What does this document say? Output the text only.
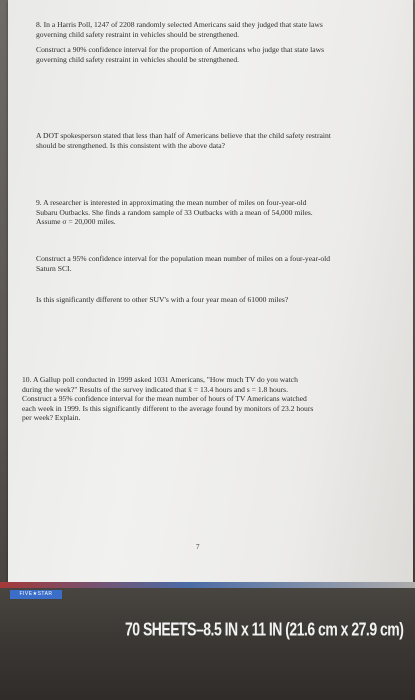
8. In a Harris Poll, 1247 of 2208 randomly selected Americans said they judged that state laws
governing child safety restraint in vehicles should be strengthened.
Construct a 90% confidence interval for the proportion of Americans who judge that state laws
governing child safety restraint in vehicles should be strengthened.
A DOT spokesperson stated that less than half of Americans believe that the child safety restraint
should be strengthened. Is this consistent with the above data?
9. A researcher is interested in approximating the mean number of miles on four-year-old
Subaru Outbacks. She finds a random sample of 33 Outbacks with a mean of 54,000 miles.
Assume σ = 20,000 miles.
Construct a 95% confidence interval for the population mean number of miles on a four-year-old
Saturn SCI.
Is this significantly different to other SUV's with a four year mean of 61000 miles?
10. A Gallup poll conducted in 1999 asked 1031 Americans, "How much TV do you watch
during the week?" Results of the survey indicated that x̄ = 13.4 hours and s = 1.8 hours.
Construct a 95% confidence interval for the mean number of hours of TV Americans watched
each week in 1999. Is this significantly different to the average found by monitors of 23.2 hours
per week? Explain.
7
FIVE★STAR
70 SHEETS–8.5 IN x 11 IN (21.6 cm x 27.9 cm)
